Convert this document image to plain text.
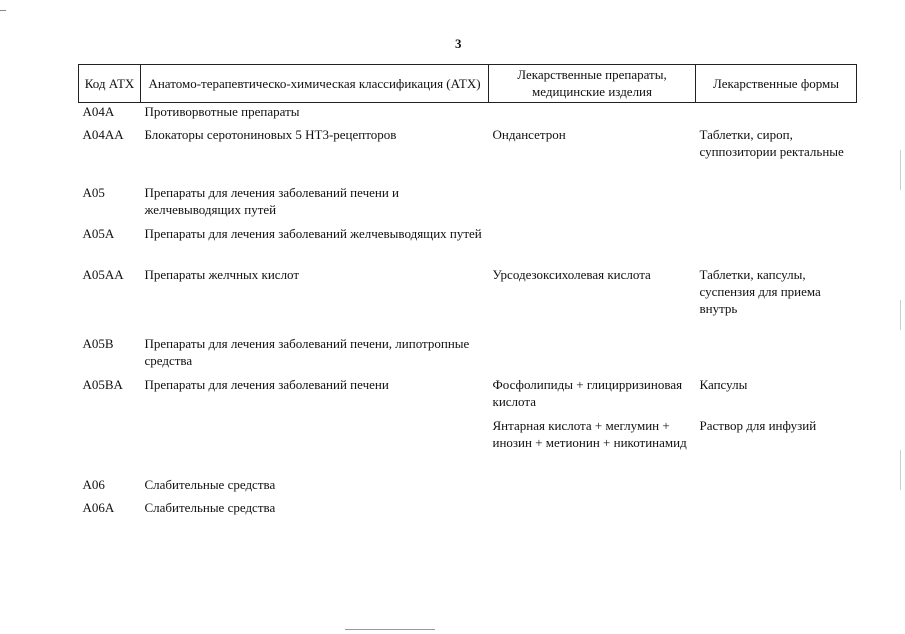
3
Код АТХ	Анатомо-терапевтическо-химическая классификация (АТХ)	Лекарственные препараты, медицинские изделия	Лекарственные формы
A04A	Противорвотные препараты		
A04AA	Блокаторы серотониновых 5 HT3-рецепторов	Ондансетрон	Таблетки, сироп, суппозитории ректальные
A05	Препараты для лечения заболеваний печени и желчевыводящих путей		
A05A	Препараты для лечения заболеваний желчевыводящих путей		
A05AA	Препараты желчных кислот	Урсодезоксихолевая кислота	Таблетки, капсулы, суспензия для приема внутрь
A05B	Препараты для лечения заболеваний печени, липотропные средства		
A05BA	Препараты для лечения заболеваний печени	Фосфолипиды + глицирризиновая кислота	Капсулы
		Янтарная кислота + меглумин + инозин + метионин + никотинамид	Раствор для инфузий
A06	Слабительные средства		
A06A	Слабительные средства		
